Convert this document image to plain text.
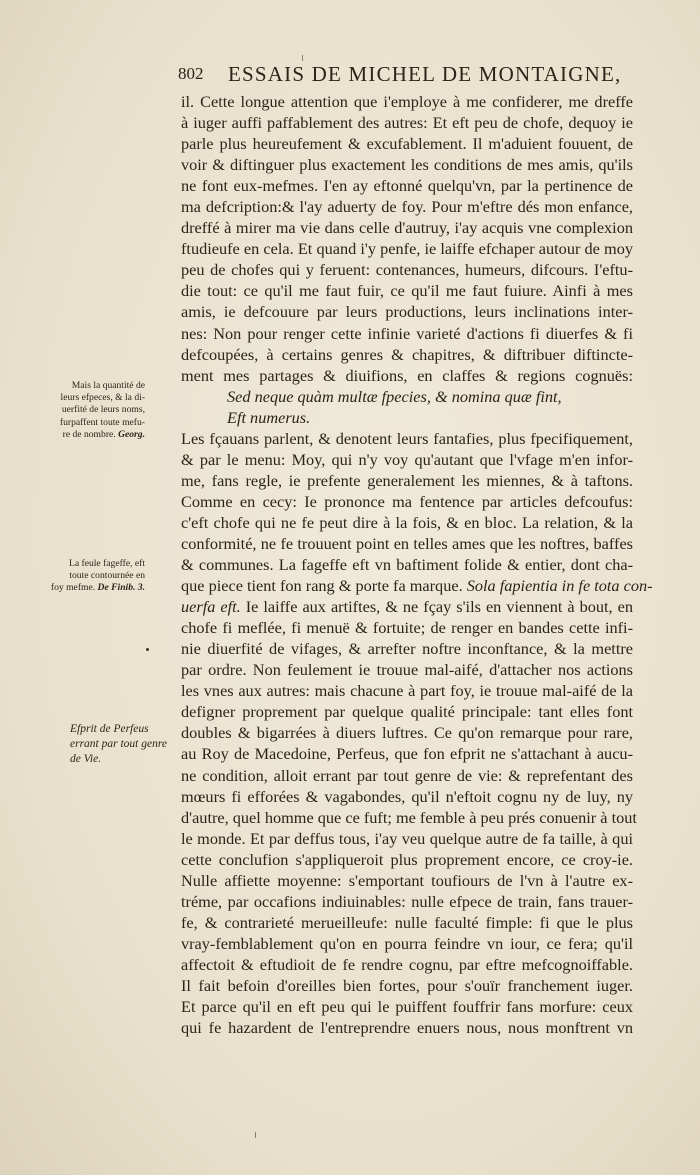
802 ESSAIS DE MICHEL DE MONTAIGNE,
il. Cette longue attention que i'employe à me confiderer, me dreffe
à iuger auffi paffablement des autres: Et eft peu de chofe, dequoy ie
parle plus heureufement & excufablement. Il m'aduient fouuent, de
voir & diftinguer plus exactement les conditions de mes amis, qu'ils
ne font eux-mefmes. I'en ay eftonné quelqu'vn, par la pertinence de
ma defcription:& l'ay aduerty de foy. Pour m'eftre dés mon enfance,
dreffé à mirer ma vie dans celle d'autruy, i'ay acquis vne complexion
ftudieufe en cela. Et quand i'y penfe, ie laiffe efchaper autour de moy
peu de chofes qui y feruent: contenances, humeurs, difcours. I'eftu-
die tout: ce qu'il me faut fuir, ce qu'il me faut fuiure. Ainfi à mes
amis, ie defcouure par leurs productions, leurs inclinations inter-
nes: Non pour renger cette infinie varieté d'actions fi diuerfes & fi
defcoupées, à certains genres & chapitres, & diftribuer diftincte-
ment mes partages & diuifions, en claffes & regions cognuës:
Sed neque quàm multæ fpecies, & nomina quæ fint,
Eft numerus.
Les fçauans parlent, & denotent leurs fantafies, plus fpecifiquement,
& par le menu: Moy, qui n'y voy qu'autant que l'vfage m'en infor-
me, fans regle, ie prefente generalement les miennes, & à taftons.
Comme en cecy: Ie prononce ma fentence par articles defcoufus:
c'eft chofe qui ne fe peut dire à la fois, & en bloc. La relation, & la
conformité, ne fe trouuent point en telles ames que les noftres, baffes
& communes. La fageffe eft vn baftiment folide & entier, dont cha-
que piece tient fon rang & porte fa marque. Sola fapientia in fe tota con-
uerfa eft. Ie laiffe aux artiftes, & ne fçay s'ils en viennent à bout, en
chofe fi meflée, fi menuë & fortuite; de renger en bandes cette infi-
nie diuerfité de vifages, & arrefter noftre inconftance, & la mettre
par ordre. Non feulement ie trouue mal-aifé, d'attacher nos actions
les vnes aux autres: mais chacune à part foy, ie trouue mal-aifé de la
defigner proprement par quelque qualité principale: tant elles font
doubles & bigarrées à diuers luftres. Ce qu'on remarque pour rare,
au Roy de Macedoine, Perfeus, que fon efprit ne s'attachant à aucu-
ne condition, alloit errant par tout genre de vie: & reprefentant des
mœurs fi efforées & vagabondes, qu'il n'eftoit cognu ny de luy, ny
d'autre, quel homme que ce fuft; me femble à peu prés conuenir à tout
le monde. Et par deffus tous, i'ay veu quelque autre de fa taille, à qui
cette conclufion s'appliqueroit plus proprement encore, ce croy-ie.
Nulle affiette moyenne: s'emportant toufiours de l'vn à l'autre ex-
tréme, par occafions indiuinables: nulle efpece de train, fans trauer-
fe, & contrarieté merueilleufe: nulle faculté fimple: fi que le plus
vray-femblablement qu'on en pourra feindre vn iour, ce fera; qu'il
affectoit & eftudioit de fe rendre cognu, par eftre mefcognoiffable.
Il fait befoin d'oreilles bien fortes, pour s'ouïr franchement iuger.
Et parce qu'il en eft peu qui le puiffent fouffrir fans morfure: ceux
qui fe hazardent de l'entreprendre enuers nous, nous monftrent vn
Mais la quantité de
leurs efpeces, & la di-
uerfité de leurs noms,
furpaffent toute mefu-
re de nombre. Georg.
La feule fageffe, eft
toute contournée en
foy mefme. De Finib. 3.
Efprit de Perfeus
errant par tout genre
de Vie.
